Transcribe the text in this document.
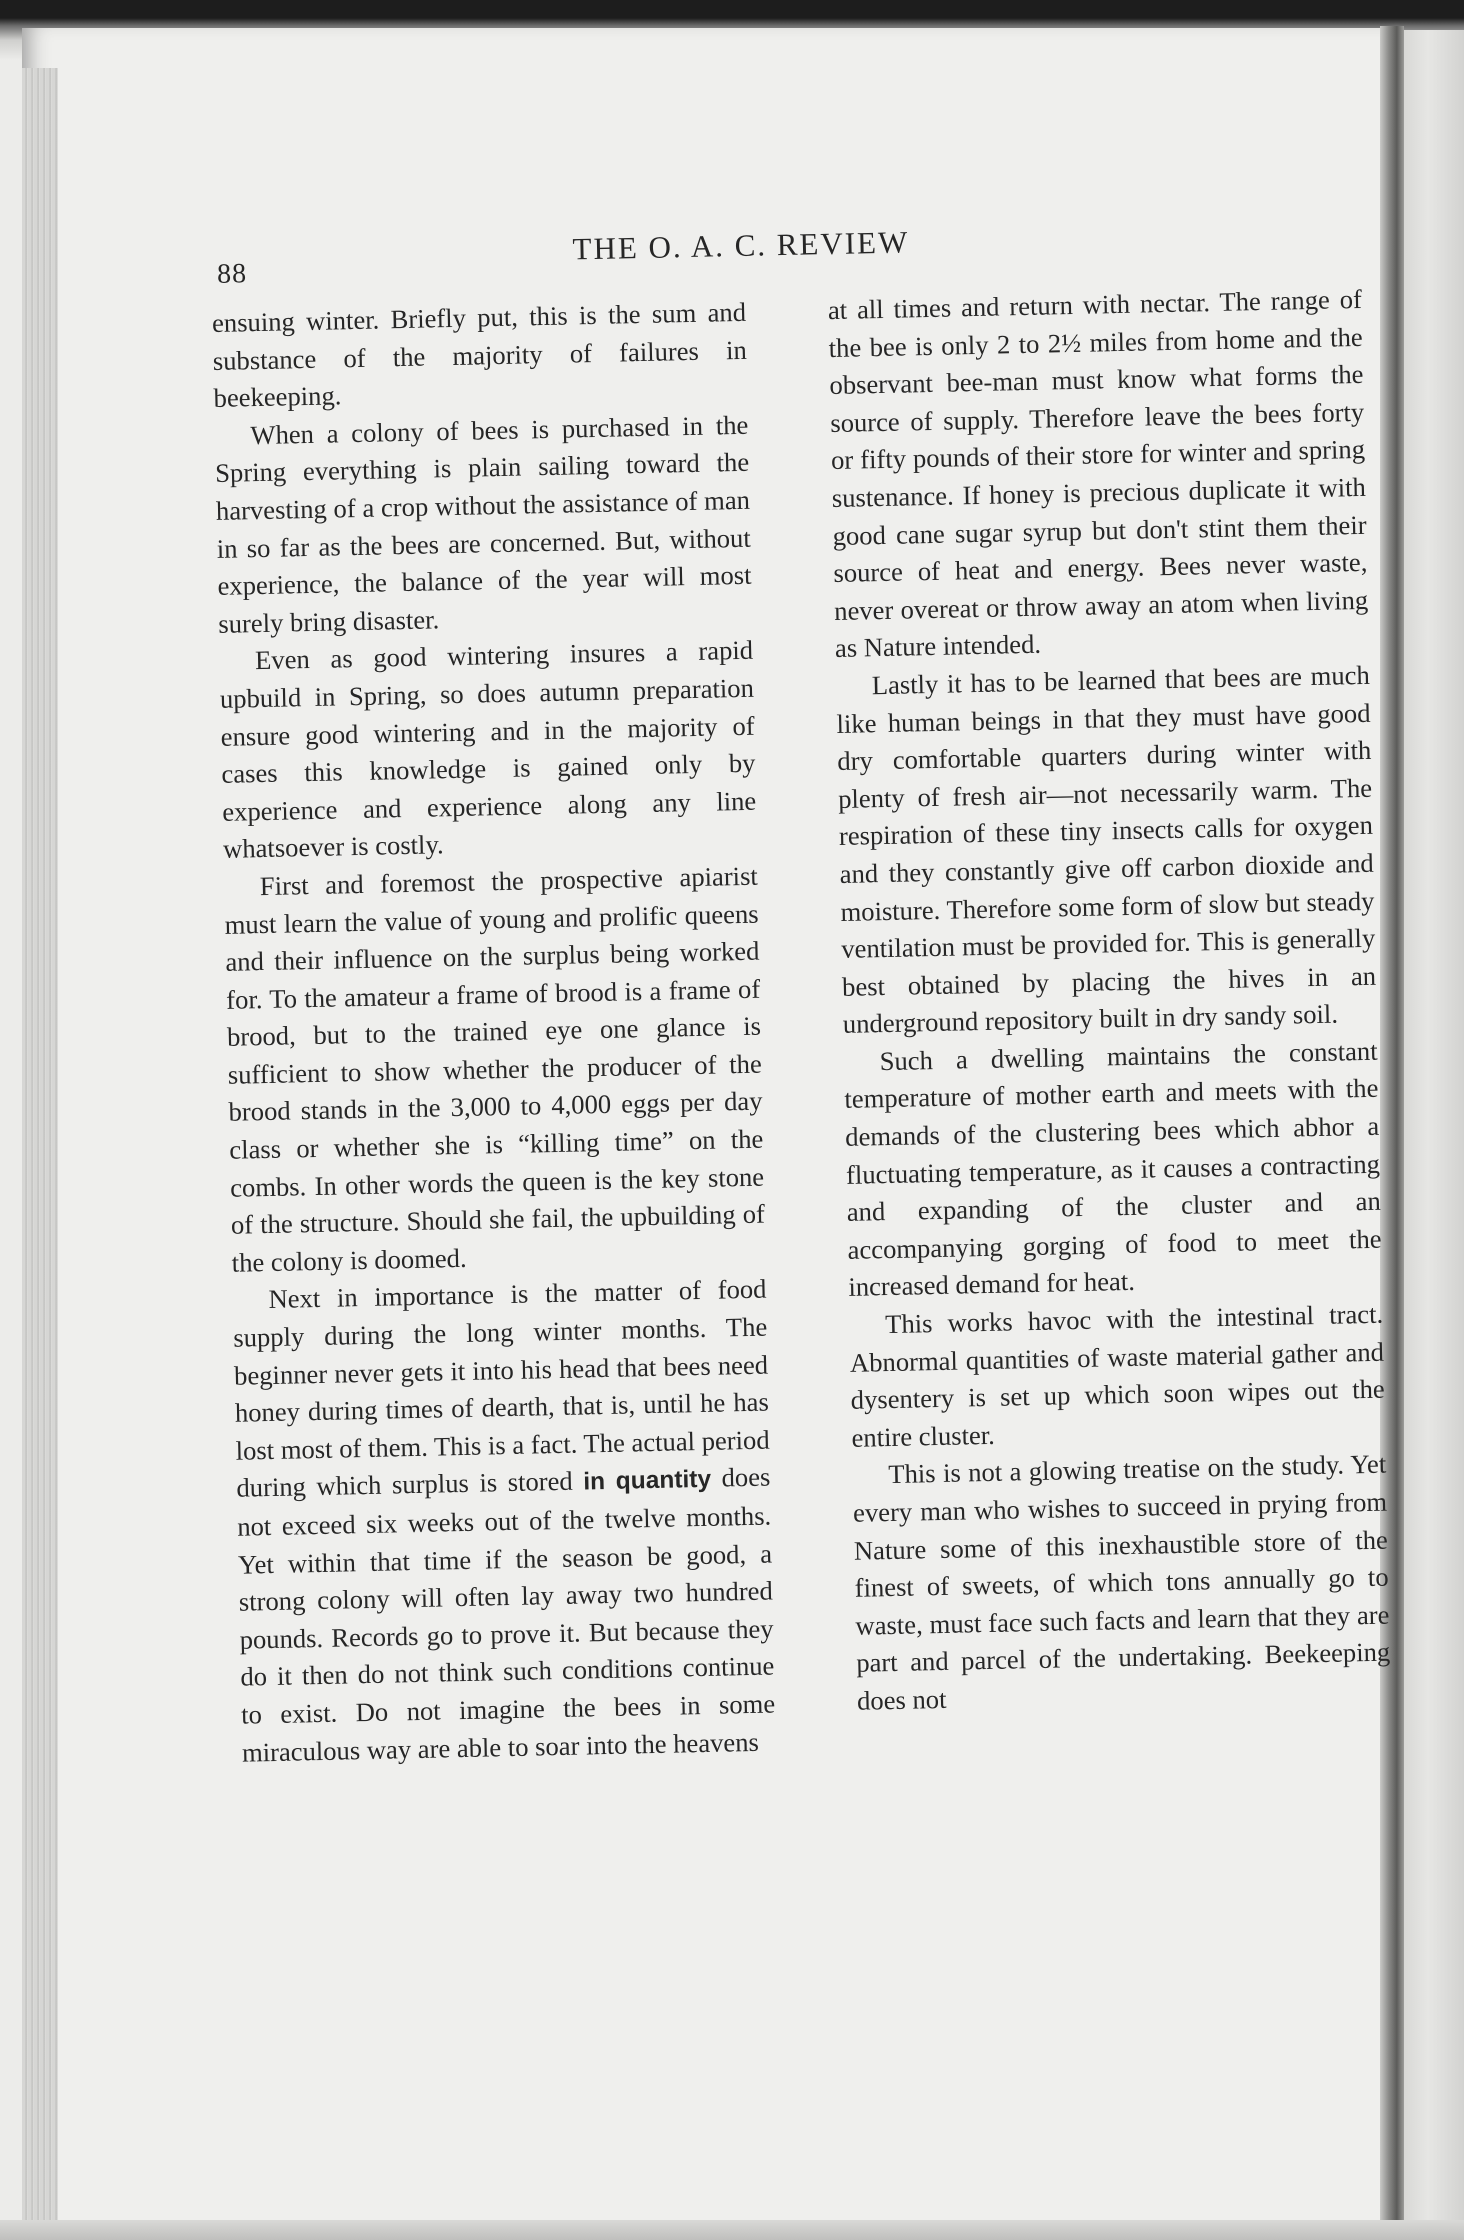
88
THE O. A. C. REVIEW

ensuing winter. Briefly put, this is the sum and substance of the majority of failures in beekeeping.

When a colony of bees is purchased in the Spring everything is plain sailing toward the harvesting of a crop without the assistance of man in so far as the bees are concerned. But, without experience, the balance of the year will most surely bring disaster.

Even as good wintering insures a rapid upbuild in Spring, so does autumn preparation ensure good wintering and in the majority of cases this knowledge is gained only by experience and experience along any line whatsoever is costly.

First and foremost the prospective apiarist must learn the value of young and prolific queens and their influence on the surplus being worked for. To the amateur a frame of brood is a frame of brood, but to the trained eye one glance is sufficient to show whether the producer of the brood stands in the 3,000 to 4,000 eggs per day class or whether she is “killing time” on the combs. In other words the queen is the key stone of the structure. Should she fail, the upbuilding of the colony is doomed.

Next in importance is the matter of food supply during the long winter months. The beginner never gets it into his head that bees need honey during times of dearth, that is, until he has lost most of them. This is a fact. The actual period during which surplus is stored in quantity does not exceed six weeks out of the twelve months. Yet within that time if the season be good, a strong colony will often lay away two hundred pounds. Records go to prove it. But because they do it then do not think such conditions continue to exist. Do not imagine the bees in some miraculous way are able to soar into the heavens

at all times and return with nectar. The range of the bee is only 2 to 2½ miles from home and the observant bee-man must know what forms the source of supply. Therefore leave the bees forty or fifty pounds of their store for winter and spring sustenance. If honey is precious duplicate it with good cane sugar syrup but don't stint them their source of heat and energy. Bees never waste, never overeat or throw away an atom when living as Nature intended.

Lastly it has to be learned that bees are much like human beings in that they must have good dry comfortable quarters during winter with plenty of fresh air—not necessarily warm. The respiration of these tiny insects calls for oxygen and they constantly give off carbon dioxide and moisture. Therefore some form of slow but steady ventilation must be provided for. This is generally best obtained by placing the hives in an underground repository built in dry sandy soil.

Such a dwelling maintains the constant temperature of mother earth and meets with the demands of the clustering bees which abhor a fluctuating temperature, as it causes a contracting and expanding of the cluster and an accompanying gorging of food to meet the increased demand for heat.

This works havoc with the intestinal tract. Abnormal quantities of waste material gather and dysentery is set up which soon wipes out the entire cluster.

This is not a glowing treatise on the study. Yet every man who wishes to succeed in prying from Nature some of this inexhaustible store of the finest of sweets, of which tons annually go to waste, must face such facts and learn that they are part and parcel of the undertaking. Beekeeping does not
